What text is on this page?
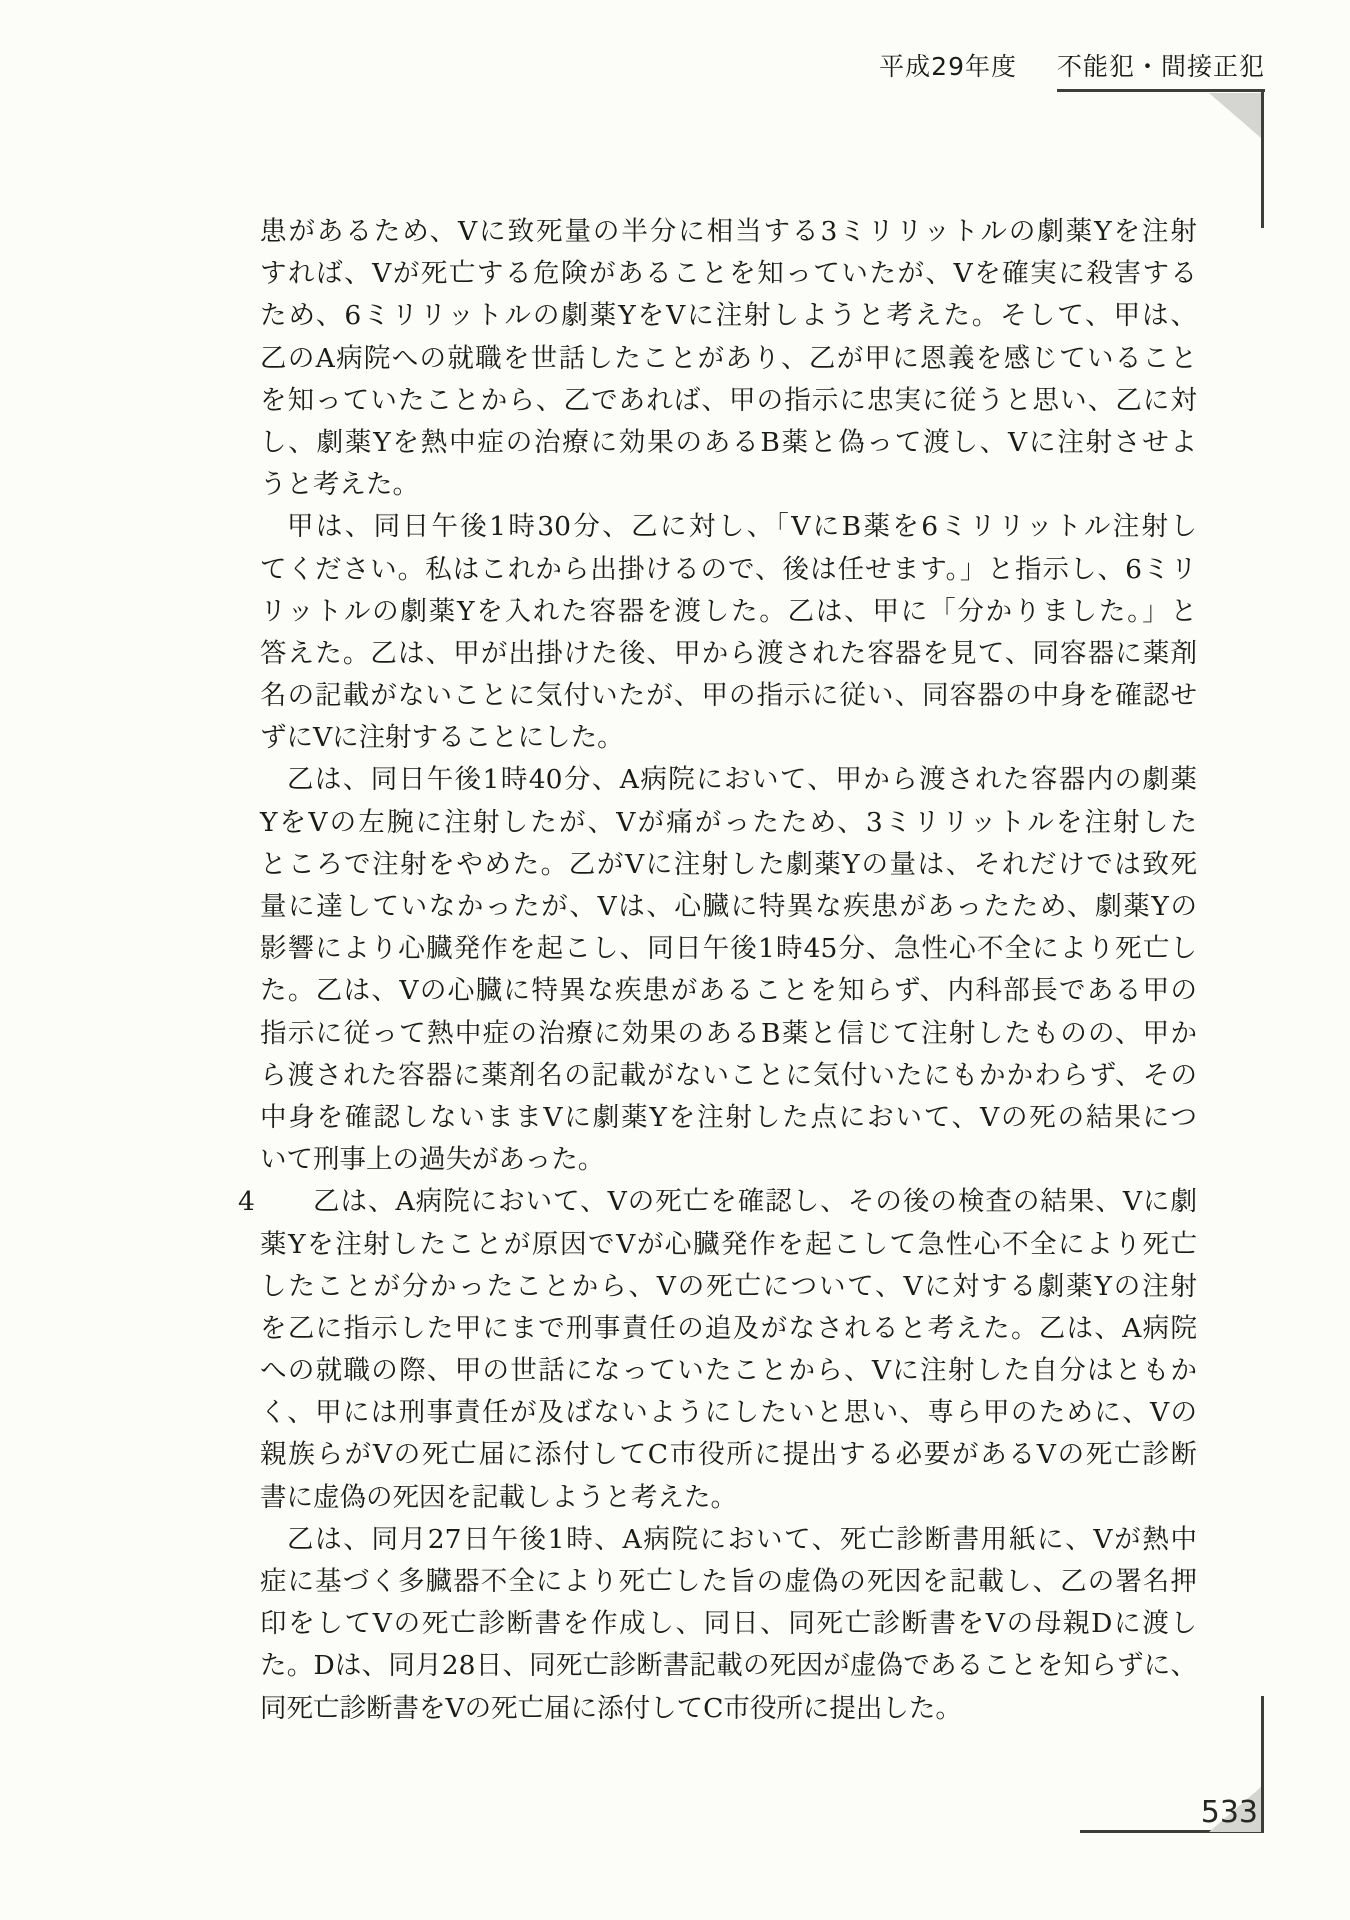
平成29年度 不能犯・間接正犯
患があるため、Vに致死量の半分に相当する3ミリリットルの劇薬Yを注射
すれば、Vが死亡する危険があることを知っていたが、Vを確実に殺害する
ため、6ミリリットルの劇薬YをVに注射しようと考えた。そして、甲は、
乙のA病院への就職を世話したことがあり、乙が甲に恩義を感じていること
を知っていたことから、乙であれば、甲の指示に忠実に従うと思い、乙に対
し、劇薬Yを熱中症の治療に効果のあるB薬と偽って渡し、Vに注射させよ
うと考えた。
甲は、同日午後1時30分、乙に対し、「VにB薬を6ミリリットル注射し
てください。私はこれから出掛けるので、後は任せます。」と指示し、6ミリ
リットルの劇薬Yを入れた容器を渡した。乙は、甲に「分かりました。」と
答えた。乙は、甲が出掛けた後、甲から渡された容器を見て、同容器に薬剤
名の記載がないことに気付いたが、甲の指示に従い、同容器の中身を確認せ
ずにVに注射することにした。
乙は、同日午後1時40分、A病院において、甲から渡された容器内の劇薬
YをVの左腕に注射したが、Vが痛がったため、3ミリリットルを注射した
ところで注射をやめた。乙がVに注射した劇薬Yの量は、それだけでは致死
量に達していなかったが、Vは、心臓に特異な疾患があったため、劇薬Yの
影響により心臓発作を起こし、同日午後1時45分、急性心不全により死亡し
た。乙は、Vの心臓に特異な疾患があることを知らず、内科部長である甲の
指示に従って熱中症の治療に効果のあるB薬と信じて注射したものの、甲か
ら渡された容器に薬剤名の記載がないことに気付いたにもかかわらず、その
中身を確認しないままVに劇薬Yを注射した点において、Vの死の結果につ
いて刑事上の過失があった。
4 乙は、A病院において、Vの死亡を確認し、その後の検査の結果、Vに劇
薬Yを注射したことが原因でVが心臓発作を起こして急性心不全により死亡
したことが分かったことから、Vの死亡について、Vに対する劇薬Yの注射
を乙に指示した甲にまで刑事責任の追及がなされると考えた。乙は、A病院
への就職の際、甲の世話になっていたことから、Vに注射した自分はともか
く、甲には刑事責任が及ばないようにしたいと思い、専ら甲のために、Vの
親族らがVの死亡届に添付してC市役所に提出する必要があるVの死亡診断
書に虚偽の死因を記載しようと考えた。
乙は、同月27日午後1時、A病院において、死亡診断書用紙に、Vが熱中
症に基づく多臓器不全により死亡した旨の虚偽の死因を記載し、乙の署名押
印をしてVの死亡診断書を作成し、同日、同死亡診断書をVの母親Dに渡し
た。Dは、同月28日、同死亡診断書記載の死因が虚偽であることを知らずに、
同死亡診断書をVの死亡届に添付してC市役所に提出した。
533
